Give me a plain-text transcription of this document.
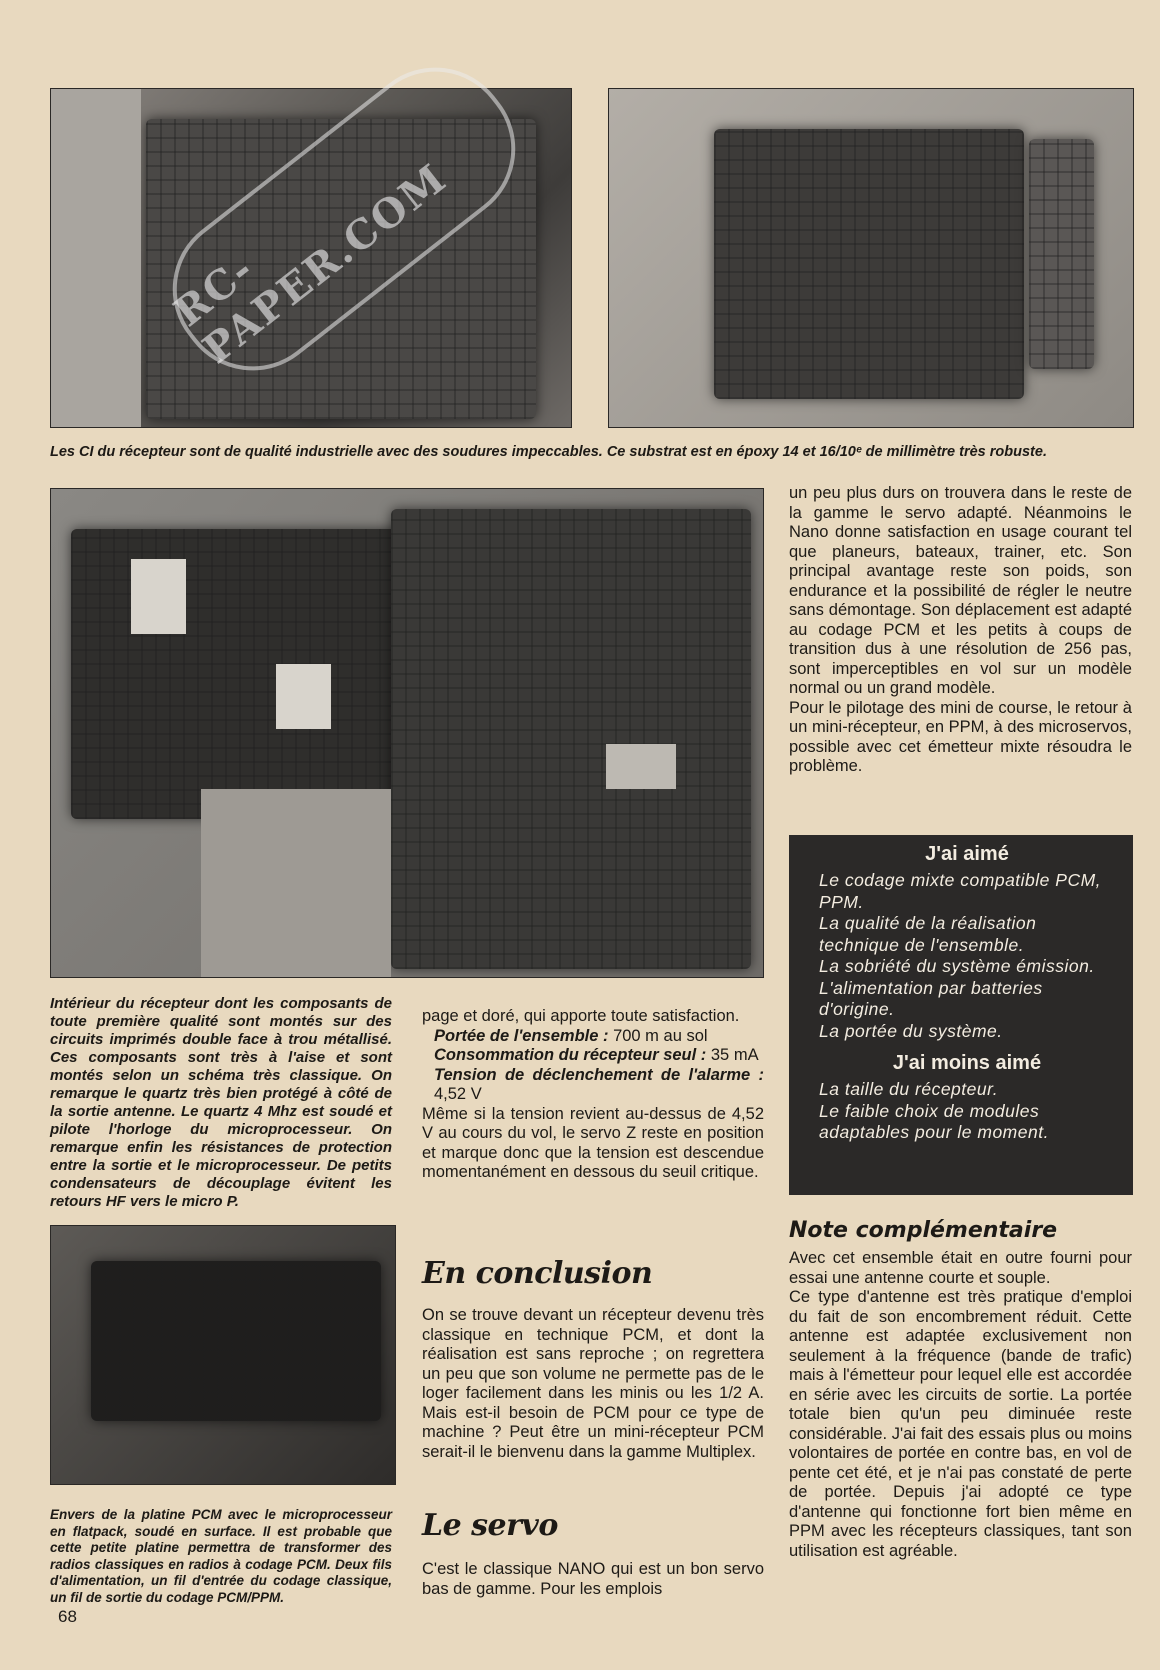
RC-PAPER.COM
Les CI du récepteur sont de qualité industrielle avec des soudures impeccables. Ce substrat est en époxy 14 et 16/10ᵉ de millimètre très robuste.
Intérieur du récepteur dont les composants de toute première qualité sont montés sur des circuits imprimés double face à trou métallisé. Ces composants sont très à l'aise et sont montés selon un schéma très classique. On remarque le quartz très bien protégé à côté de la sortie antenne. Le quartz 4 Mhz est soudé et pilote l'horloge du microprocesseur. On remarque enfin les résistances de protection entre la sortie et le microprocesseur. De petits condensateurs de découplage évitent les retours HF vers le micro P.
Envers de la platine PCM avec le microprocesseur en flatpack, soudé en surface. Il est probable que cette petite platine permettra de transformer des radios classiques en radios à codage PCM. Deux fils d'alimentation, un fil d'entrée du codage classique, un fil de sortie du codage PCM/PPM.

page et doré, qui apporte toute satisfaction.

Portée de l'ensemble : 700 m au sol

Consommation du récepteur seul : 35 mA

Tension de déclenchement de l'alarme : 4,52 V

Même si la tension revient au-dessus de 4,52 V au cours du vol, le servo Z reste en position et marque donc que la tension est descendue momentanément en dessous du seuil critique.

En conclusion
On se trouve devant un récepteur devenu très classique en technique PCM, et dont la réalisation est sans reproche ; on regrettera un peu que son volume ne permette pas de le loger facilement dans les minis ou les 1/2 A. Mais est-il besoin de PCM pour ce type de machine ? Peut être un mini-récepteur PCM serait-il le bienvenu dans la gamme Multiplex.
Le servo
C'est le classique NANO qui est un bon servo bas de gamme. Pour les emplois

un peu plus durs on trouvera dans le reste de la gamme le servo adapté. Néanmoins le Nano donne satisfaction en usage courant tel que planeurs, bateaux, trainer, etc. Son principal avantage reste son poids, son endurance et la possibilité de régler le neutre sans démontage. Son déplacement est adapté au codage PCM et les petits à coups de transition dus à une résolution de 256 pas, sont imperceptibles en vol sur un modèle normal ou un grand modèle.

Pour le pilotage des mini de course, le retour à un mini-récepteur, en PPM, à des microservos, possible avec cet émetteur mixte résoudra le problème.

J'ai aimé
Le codage mixte compatible PCM, PPM.
La qualité de la réalisation technique de l'ensemble.
La sobriété du système émission.
L'alimentation par batteries d'origine.
La portée du système.
J'ai moins aimé
La taille du récepteur.
Le faible choix de modules adaptables pour le moment.
Note complémentaire

Avec cet ensemble était en outre fourni pour essai une antenne courte et souple.

Ce type d'antenne est très pratique d'emploi du fait de son encombrement réduit. Cette antenne est adaptée exclusivement non seulement à la fréquence (bande de trafic) mais à l'émetteur pour lequel elle est accordée en série avec les circuits de sortie. La portée totale bien qu'un peu diminuée reste considérable. J'ai fait des essais plus ou moins volontaires de portée en contre bas, en vol de pente cet été, et je n'ai pas constaté de perte de portée. Depuis j'ai adopté ce type d'antenne qui fonctionne fort bien même en PPM avec les récepteurs classiques, tant son utilisation est agréable.

68
